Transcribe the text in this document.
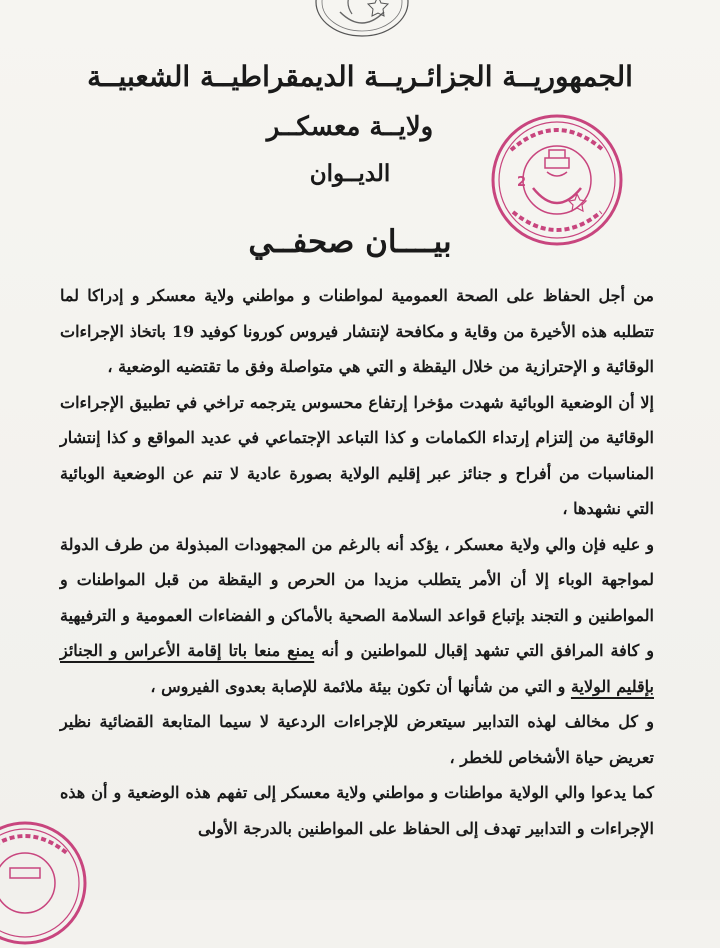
2
الجمهوريــة الجزائـريــة الديمقراطيــة الشعبيــة
ولايــة معسكــر
الديــوان
بيــــان صحفــي

من أجل الحفاظ على الصحة العمومية لمواطنات و مواطني ولاية معسكر و إدراكا لما تتطلبه هذه الأخيرة من وقاية و مكافحة لإنتشار فيروس كورونا كوفيد 19 باتخاذ الإجراءات الوقائية و الإحترازية من خلال اليقظة و التي هي متواصلة وفق ما تقتضيه الوضعية ،

إلا أن الوضعية الوبائية شهدت مؤخرا إرتفاع محسوس يترجمه تراخي في تطبيق الإجراءات الوقائية من إلتزام إرتداء الكمامات و كذا التباعد الإجتماعي في عديد المواقع و كذا إنتشار المناسبات من أفراح و جنائز عبر إقليم الولاية بصورة عادية لا تنم عن الوضعية الوبائية التي نشهدها ،

و عليه فإن والي ولاية معسكر ، يؤكد أنه بالرغم من المجهودات المبذولة من طرف الدولة لمواجهة الوباء إلا أن الأمر يتطلب مزيدا من الحرص و اليقظة من قبل المواطنات و المواطنين و التجند بإتباع قواعد السلامة الصحية بالأماكن و الفضاءات العمومية و الترفيهية و كافة المرافق التي تشهد إقبال للمواطنين و أنه يمنع منعا باتا إقامة الأعراس و الجنائز بإقليم الولاية و التي من شأنها أن تكون بيئة ملائمة للإصابة بعدوى الفيروس ،

و كل مخالف لهذه التدابير سيتعرض للإجراءات الردعية لا سيما المتابعة القضائية نظير تعريض حياة الأشخاص للخطر ،

كما يدعوا والي الولاية مواطنات و مواطني ولاية معسكر إلى تفهم هذه الوضعية و أن هذه الإجراءات و التدابير تهدف إلى الحفاظ على المواطنين بالدرجة الأولى
